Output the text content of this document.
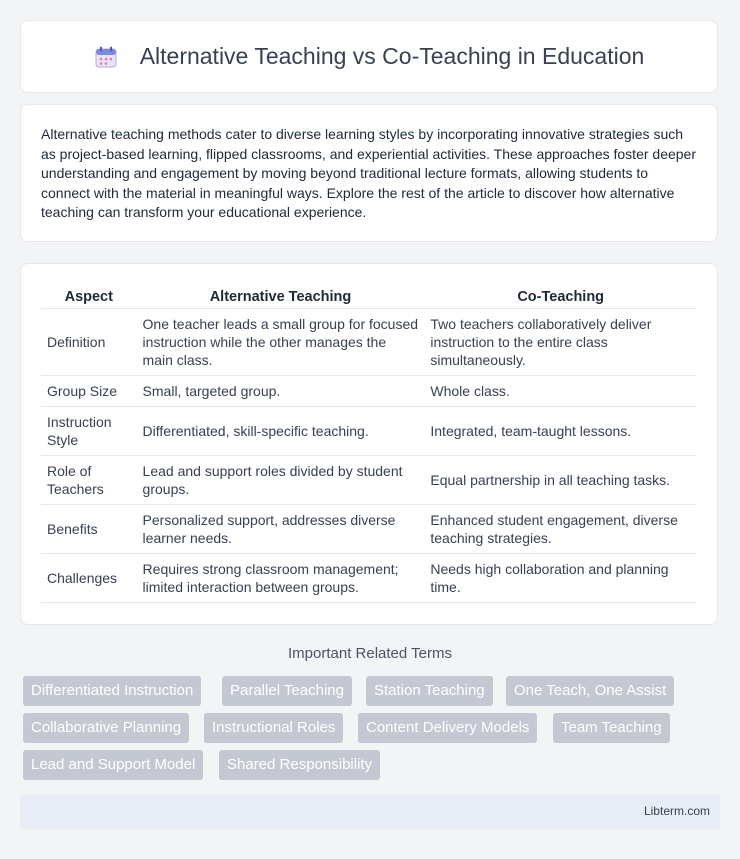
Alternative Teaching vs Co-Teaching in Education

Alternative teaching methods cater to diverse learning styles by incorporating innovative strategies such as project-based learning, flipped classrooms, and experiential activities. These approaches foster deeper understanding and engagement by moving beyond traditional lecture formats, allowing students to connect with the material in meaningful ways. Explore the rest of the article to discover how alternative teaching can transform your educational experience.

Aspect	Alternative Teaching	Co-Teaching
Definition	One teacher leads a small group for focused instruction while the other manages the main class.	Two teachers collaboratively deliver instruction to the entire class simultaneously.
Group Size	Small, targeted group.	Whole class.
Instruction Style	Differentiated, skill-specific teaching.	Integrated, team-taught lessons.
Role of Teachers	Lead and support roles divided by student groups.	Equal partnership in all teaching tasks.
Benefits	Personalized support, addresses diverse learner needs.	Enhanced student engagement, diverse teaching strategies.
Challenges	Requires strong classroom management; limited interaction between groups.	Needs high collaboration and planning time.
Important Related Terms
Differentiated Instruction	Parallel Teaching	Station Teaching	One Teach, One Assist
Collaborative Planning	Instructional Roles	Content Delivery Models	Team Teaching
Lead and Support Model	Shared Responsibility
Libterm.com
